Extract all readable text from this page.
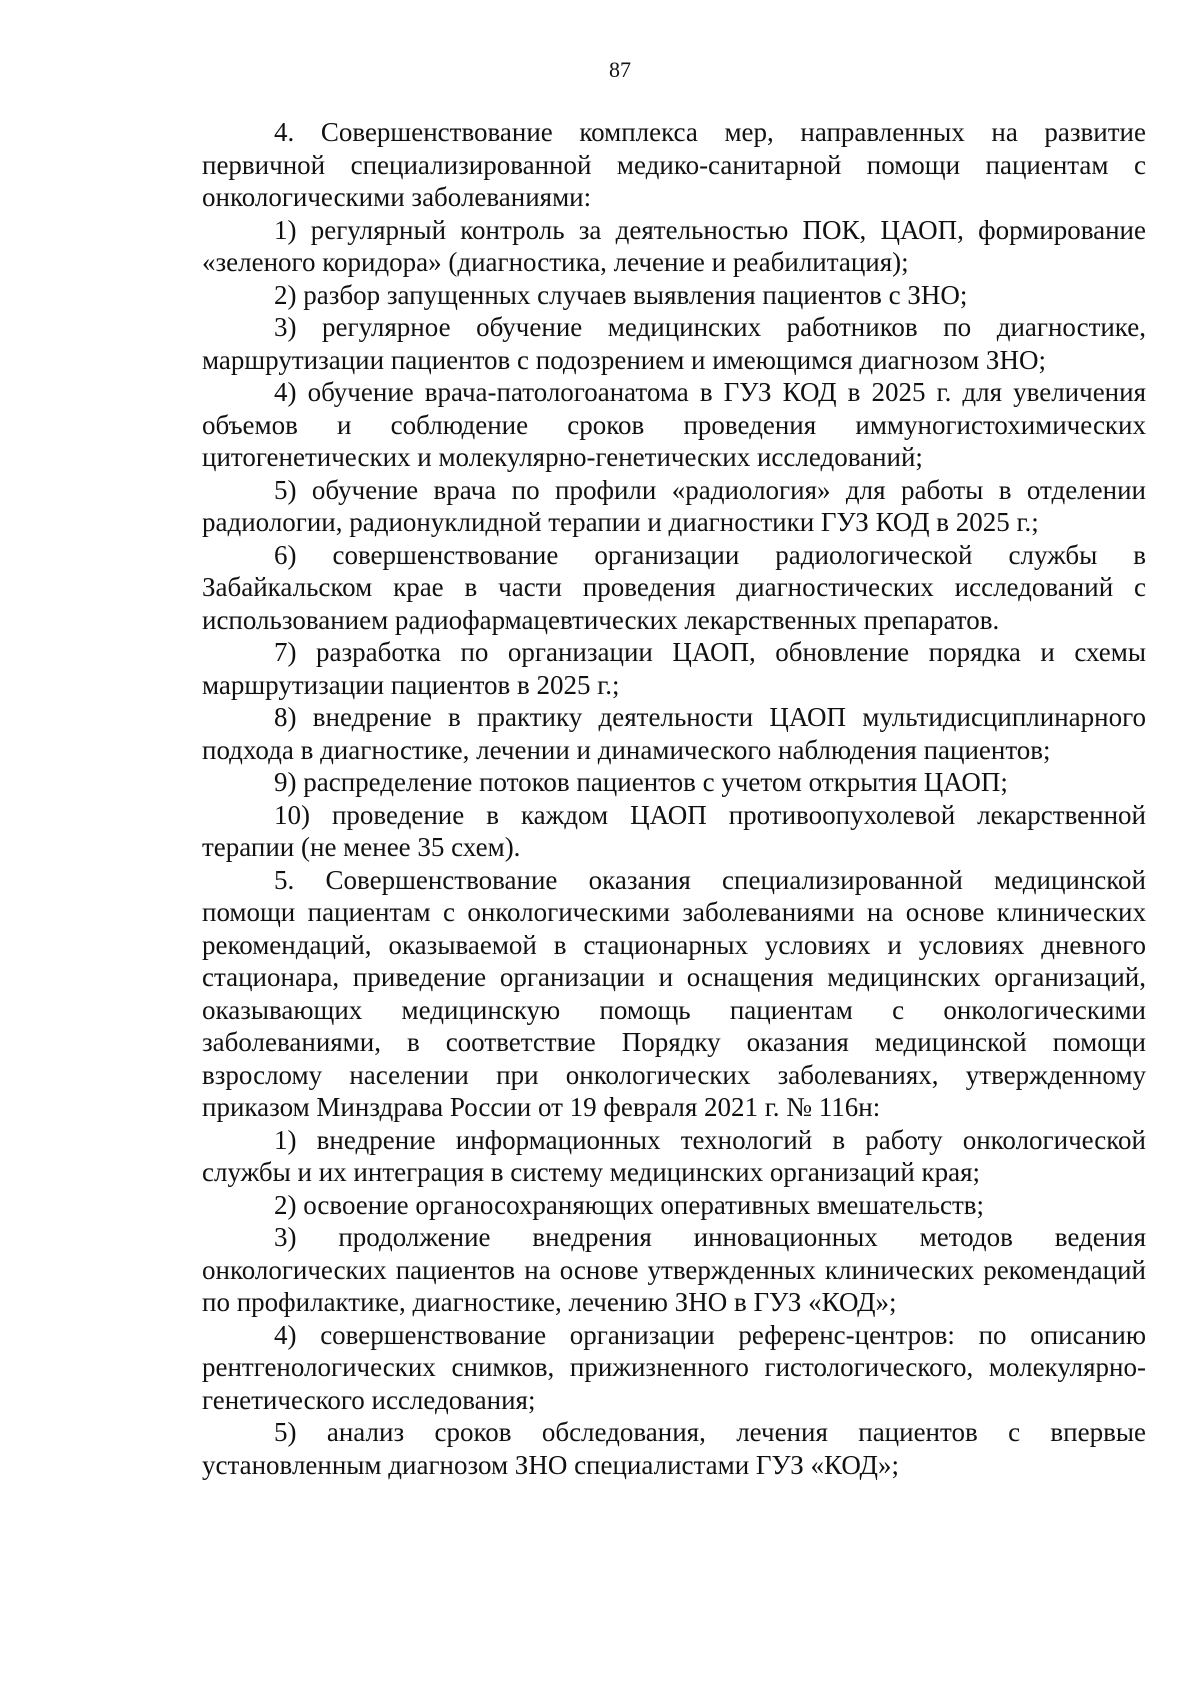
87

4. Совершенствование комплекса мер, направленных на развитие первичной специализированной медико-санитарной помощи пациентам с онкологическими заболеваниями:

1) регулярный контроль за деятельностью ПОК, ЦАОП, формирование «зеленого коридора» (диагностика, лечение и реабилитация);

2) разбор запущенных случаев выявления пациентов с ЗНО;

3) регулярное обучение медицинских работников по диагностике, маршрутизации пациентов с подозрением и имеющимся диагнозом ЗНО;

4) обучение врача-патологоанатома в ГУЗ КОД в 2025 г. для увеличения объемов и соблюдение сроков проведения иммуногистохимических цитогенетических и молекулярно-генетических исследований;

5) обучение врача по профили «радиология» для работы в отделении радиологии, радионуклидной терапии и диагностики ГУЗ КОД в 2025 г.;

6) совершенствование организации радиологической службы в Забайкальском крае в части проведения диагностических исследований с использованием радиофармацевтических лекарственных препаратов.

7) разработка по организации ЦАОП, обновление порядка и схемы маршрутизации пациентов в 2025 г.;

8) внедрение в практику деятельности ЦАОП мультидисциплинарного подхода в диагностике, лечении и динамического наблюдения пациентов;

9) распределение потоков пациентов с учетом открытия ЦАОП;

10) проведение в каждом ЦАОП противоопухолевой лекарственной терапии (не менее 35 схем).

5. Совершенствование оказания специализированной медицинской помощи пациентам с онкологическими заболеваниями на основе клинических рекомендаций, оказываемой в стационарных условиях и условиях дневного стационара, приведение организации и оснащения медицинских организаций, оказывающих медицинскую помощь пациентам с онкологическими заболеваниями, в соответствие Порядку оказания медицинской помощи взрослому населении при онкологических заболеваниях, утвержденному приказом Минздрава России от 19 февраля 2021 г. № 116н:

1) внедрение информационных технологий в работу онкологической службы и их интеграция в систему медицинских организаций края;

2) освоение органосохраняющих оперативных вмешательств;

3) продолжение внедрения инновационных методов ведения онкологических пациентов на основе утвержденных клинических рекомендаций по профилактике, диагностике, лечению ЗНО в ГУЗ «КОД»;

4) совершенствование организации референс-центров: по описанию рентгенологических снимков, прижизненного гистологического, молекулярно-генетического исследования;

5) анализ сроков обследования, лечения пациентов с впервые установленным диагнозом ЗНО специалистами ГУЗ «КОД»;
